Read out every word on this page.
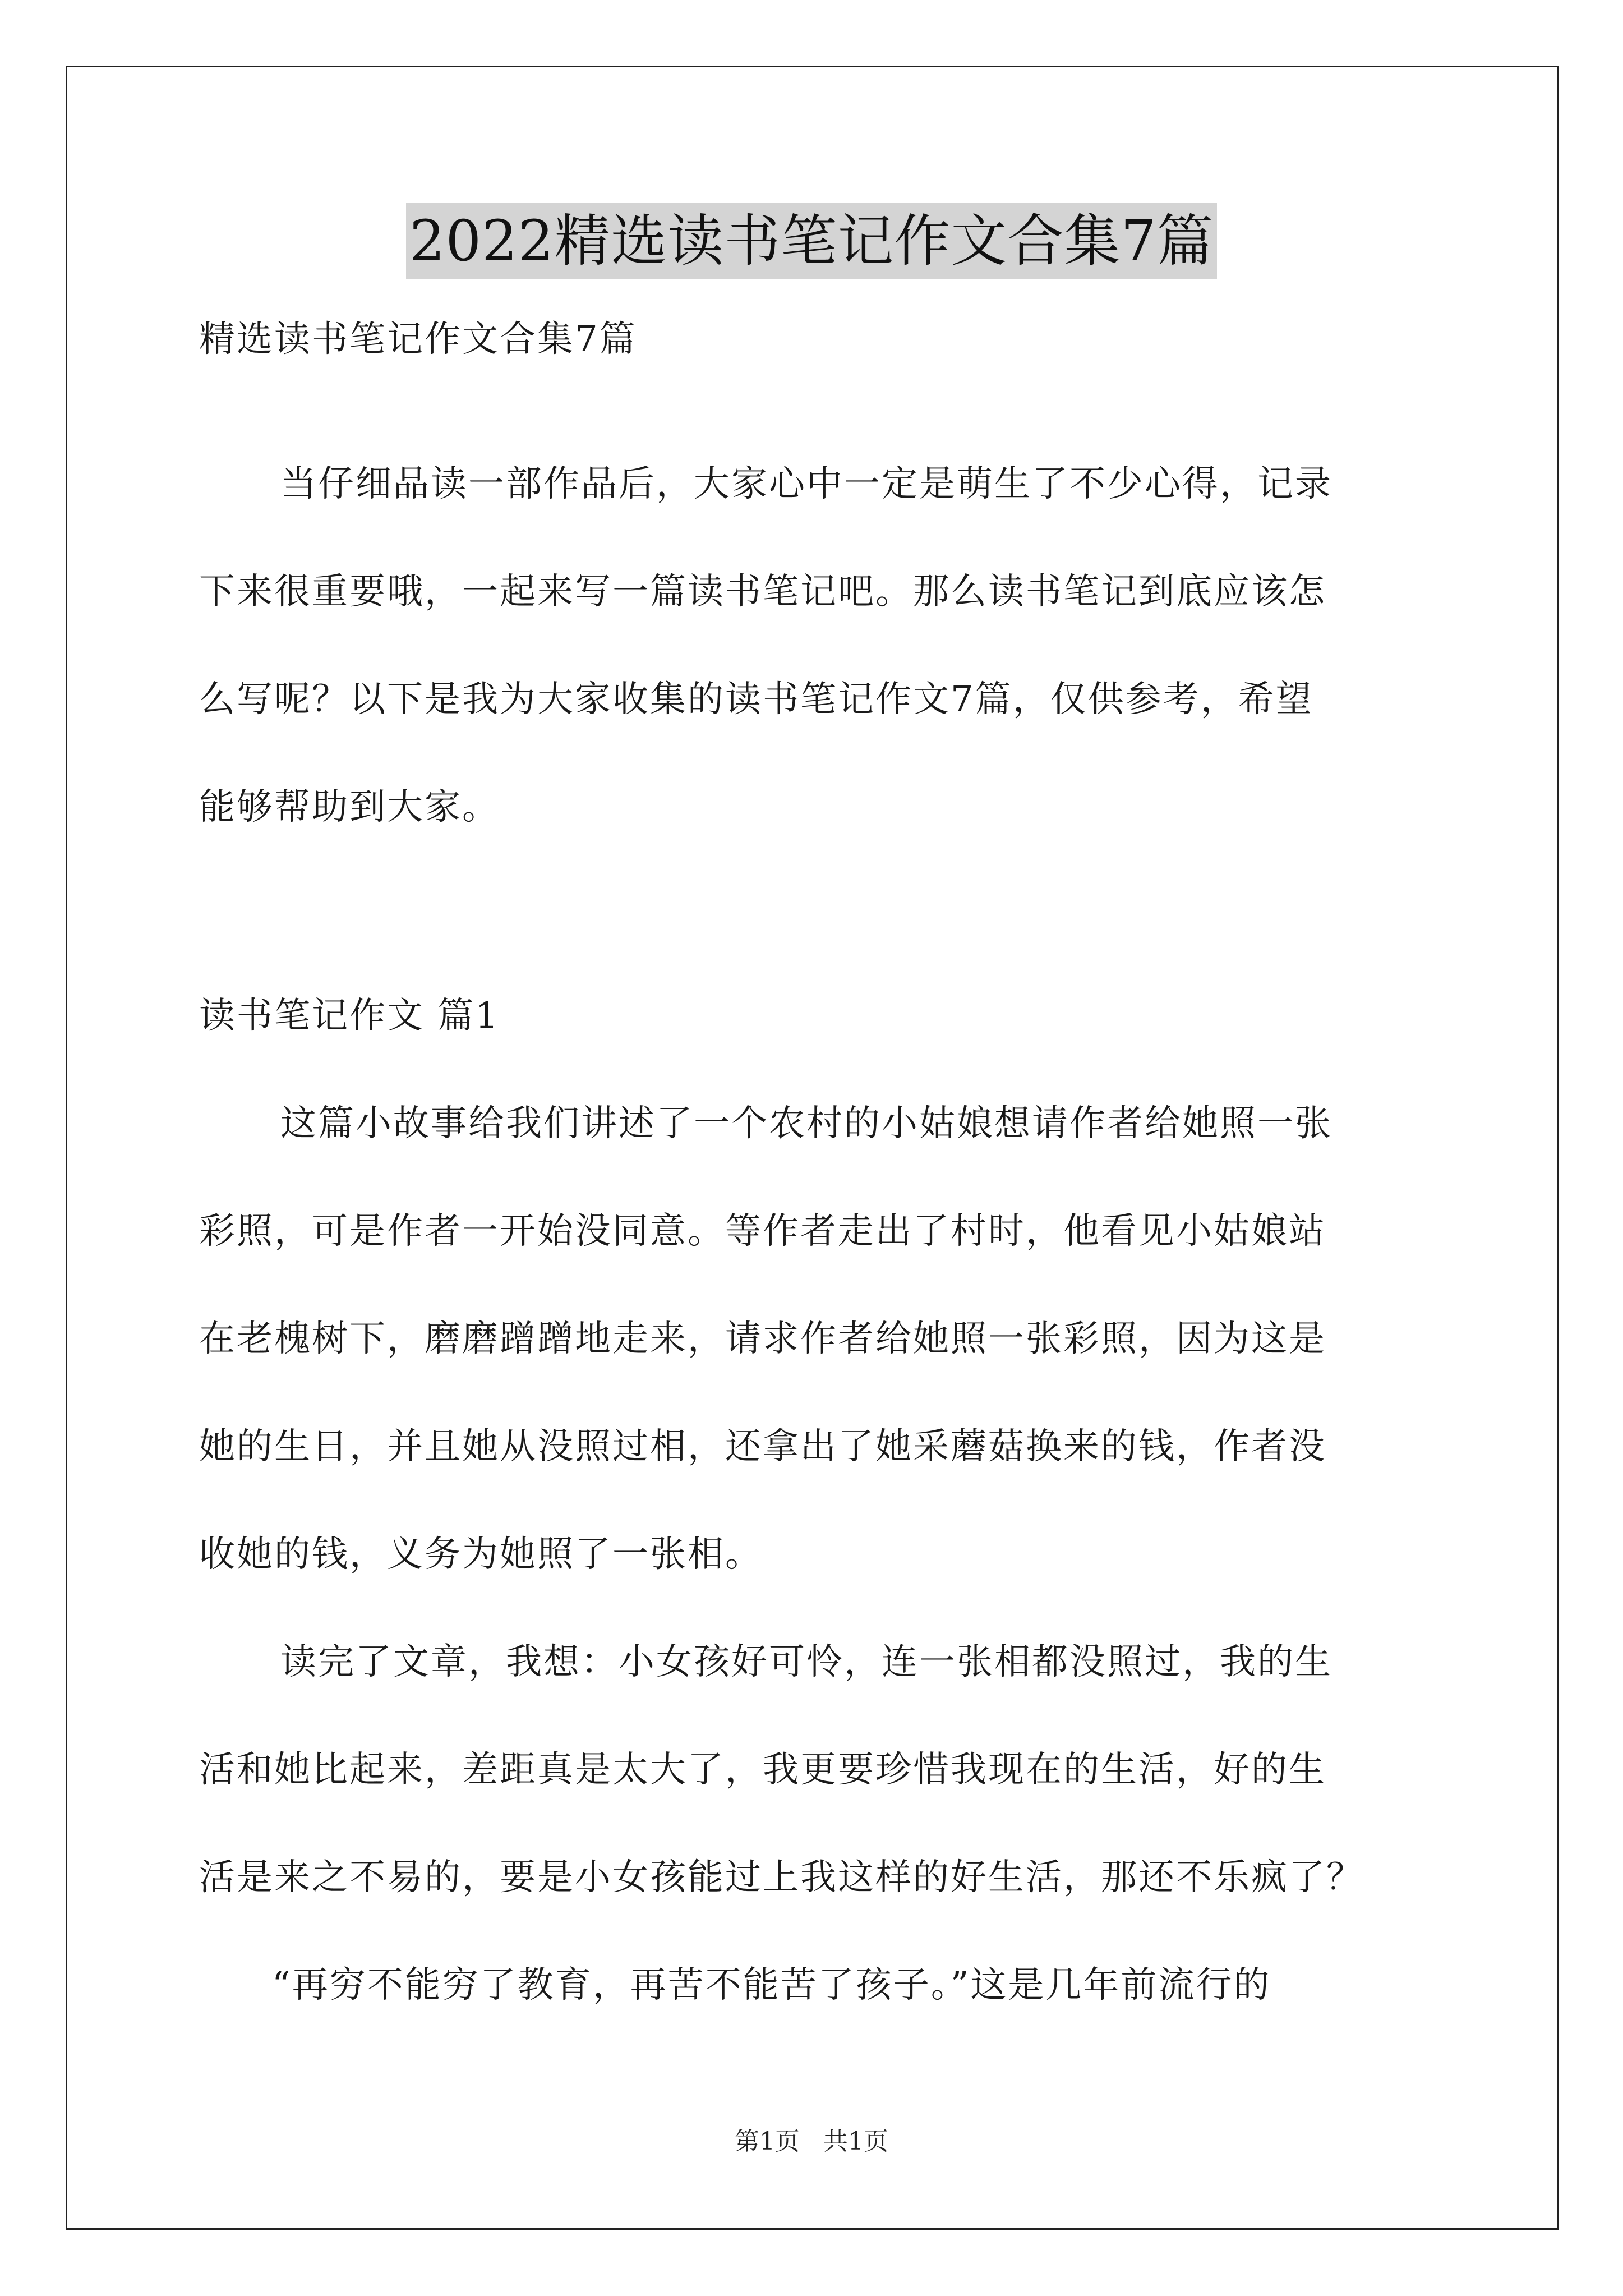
2022精选读书笔记作文合集7篇
精选读书笔记作文合集7篇
当仔细品读一部作品后，大家心中一定是萌生了不少心得，记录
下来很重要哦，一起来写一篇读书笔记吧。那么读书笔记到底应该怎
么写呢？以下是我为大家收集的读书笔记作文7篇，仅供参考，希望
能够帮助到大家。
读书笔记作文 篇1
这篇小故事给我们讲述了一个农村的小姑娘想请作者给她照一张
彩照，可是作者一开始没同意。等作者走出了村时，他看见小姑娘站
在老槐树下，磨磨蹭蹭地走来，请求作者给她照一张彩照，因为这是
她的生日，并且她从没照过相，还拿出了她采蘑菇换来的钱，作者没
收她的钱，义务为她照了一张相。
读完了文章，我想：小女孩好可怜，连一张相都没照过，我的生
活和她比起来，差距真是太大了，我更要珍惜我现在的生活，好的生
活是来之不易的，要是小女孩能过上我这样的好生活，那还不乐疯了？
“再穷不能穷了教育，再苦不能苦了孩子。”这是几年前流行的
第1页   共1页
